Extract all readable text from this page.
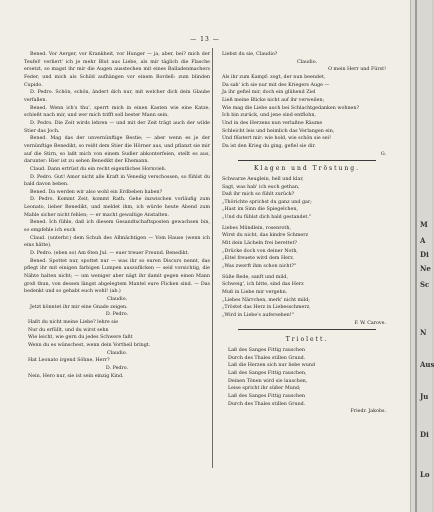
— 13 —

Bened. Vor Aerger, vor Krankheit, vor Hunger — ja, aber, bei? mich der Teufel! verliert' ich je mehr Blut aus Liebe, als mir täglich die Flasche ersetzt, so magst ihr mir die Augen ausstechen mit eines Balladenmachers Feder, und mich als Schild aufhängen vor einem Bordell: zum blinden Cupido.

D. Pedro. Schön, schön, ändert dich nur, mit welcher dich dein Glaube verfallen.

Bened. Wenn ich's thu', sperrt mich in einen Kasten wie eine Katze, schießt nach mir, und wer mich trifft soll bester Mann sein.

D. Pedro. Die Zeit wirds lehren — und mit der Zeit trägt auch der wilde Stier das Joch.

Bened. Mag das der unvernünftige Bestie; — aber wenn es je der vernünftige Benedikt, so reißt dem Stier die Hörner aus, und pflanzt sie mir auf die Stirn, so laßt mich von einem Sudler abkonterfeien, stellt es aus, darunter: Hier ist zu sehen Benedikt der Ehemann.

Claud. Dann ertrüst du ein recht eigentliches Hornvieh.

D. Pedro. Gut! Amor nicht alle Kraft in Venedig verschossen, so fühlst du bald davon beben.

Bened. Da werden wir also wohl ein Erdbeben haben?

D. Pedro. Kommt Zeit, kommt Rath. Gehe inzwischen vorläufig zum Leonato, lieber Benedikt, und meldet ihm, ich würde heute Abend zum Mahle sicher nicht fehlen; — er macht gewaltige Anstalten.

Bened. Ich fühle, daß ich diesem Gesandtschaftsposten gewachsen bin, so empfehle ich euch

Claud. (unterbr.) dem Schuh des Allmächtigen — Vom Hause (wenn ich eins hätte).

D. Pedro. (eben so) Am 6ten Jul. — euer treuer Freund. Benedikt.

Bened. Spottet nur, spottet nur — was ihr so euren Discurs nennt, das pflegt ihr mit einigen farbigen Lumpen auszuflicken — seid vorsichtig, die Nähte halten nicht; — um weniger aber nägt ihr damit gegen einen Mann groß thun, von dessen längst abgelegtem Mantel eure Flicken sind. — Das bedenkt und so gehabt euch wohl! (ab.)

Claudio.

Jetzt könntet ihr mir eine Gnade zeigen.

D. Pedro.

Haßt du nicht meine Liebe? lehre sie

Nur du erfüllt, und du wirst sehn

Wie leicht, wie gern du jedes Schwere faßt

Wenn du es wünschest, wenn dein Vortheil bringt.

Claudio.

Hat Leonato irgend Söhne, Herr?

D. Pedro.

Nein, Hero nur, sie ist sein einzig Kind.

Liebst du sie, Claudio?

Claudio.

O mein Herr und Fürst!

Als ihr zum Kampf: zogt, der nun beendet,

Da sah' ich sie nur mit des Kriegers Auge —

Ja ihr gefiel mir, doch ein glühend Ziel

Ließ meine Blicke nicht auf ihr verweilen;

Wie mag die Liebe auch bei Schlachtgedanken wohnen?

Ich bin zurück, und jene sind entflohn,

Und in des Herzens nun verlaßne Räume

Schleicht leis und heimlich das Verlangen ein,

Und flüstert mir: wie hold, wie schön sie sei!

Da ist den Krieg du ging, gefiel sie dir.

G.

Klagen und Tröstung.

Schwarze Aeuglein, hell und klar,

Sagt, was hab' ich euch gethan,

Daß ihr mich so fühlt zurück?

„Thörichte sprichst du ganz und gar;

„Hast im Sinn die Spiegelchen,

„Und du fühlst dich bald gestandet."

Liebes Mündlein, rosenroth,

Wirst du nicht, das kindre Schmerz

Mit dein Lächeln frei berettet?

„Drücke doch von deiner Noth,

„Eitel freuete wird dem Herz.

„Was zwerft ihm schon nicht?"

Süße Rede, sanft und mild,

Schweig', ich bitte, sind das Herz

Muß in Liebe mir vergehn.

„Liebes Närrchen, merk' nicht mild;

„Tröstet das Herz in Liebesschmerz,

„Wird in Liebe's aufersehen!"

F. W. Carove.

Triolett.

Laß des Sanges Fittig rauschen

Durch des Thales stillen Grund.

Laß die Herzen sich nur liebe wund

Laß des Sanges Fittig rauschen,

Deinen Tönen wird sie lauschen,

Leise spricht ihr süßer Mund;

Laß des Sanges Fittig rauschen

Durch des Thales stillen Grund.

Friedr. Jakobs.

M
A
Di
Ne
Sc
N
Aus
Ju
Di
Lo
